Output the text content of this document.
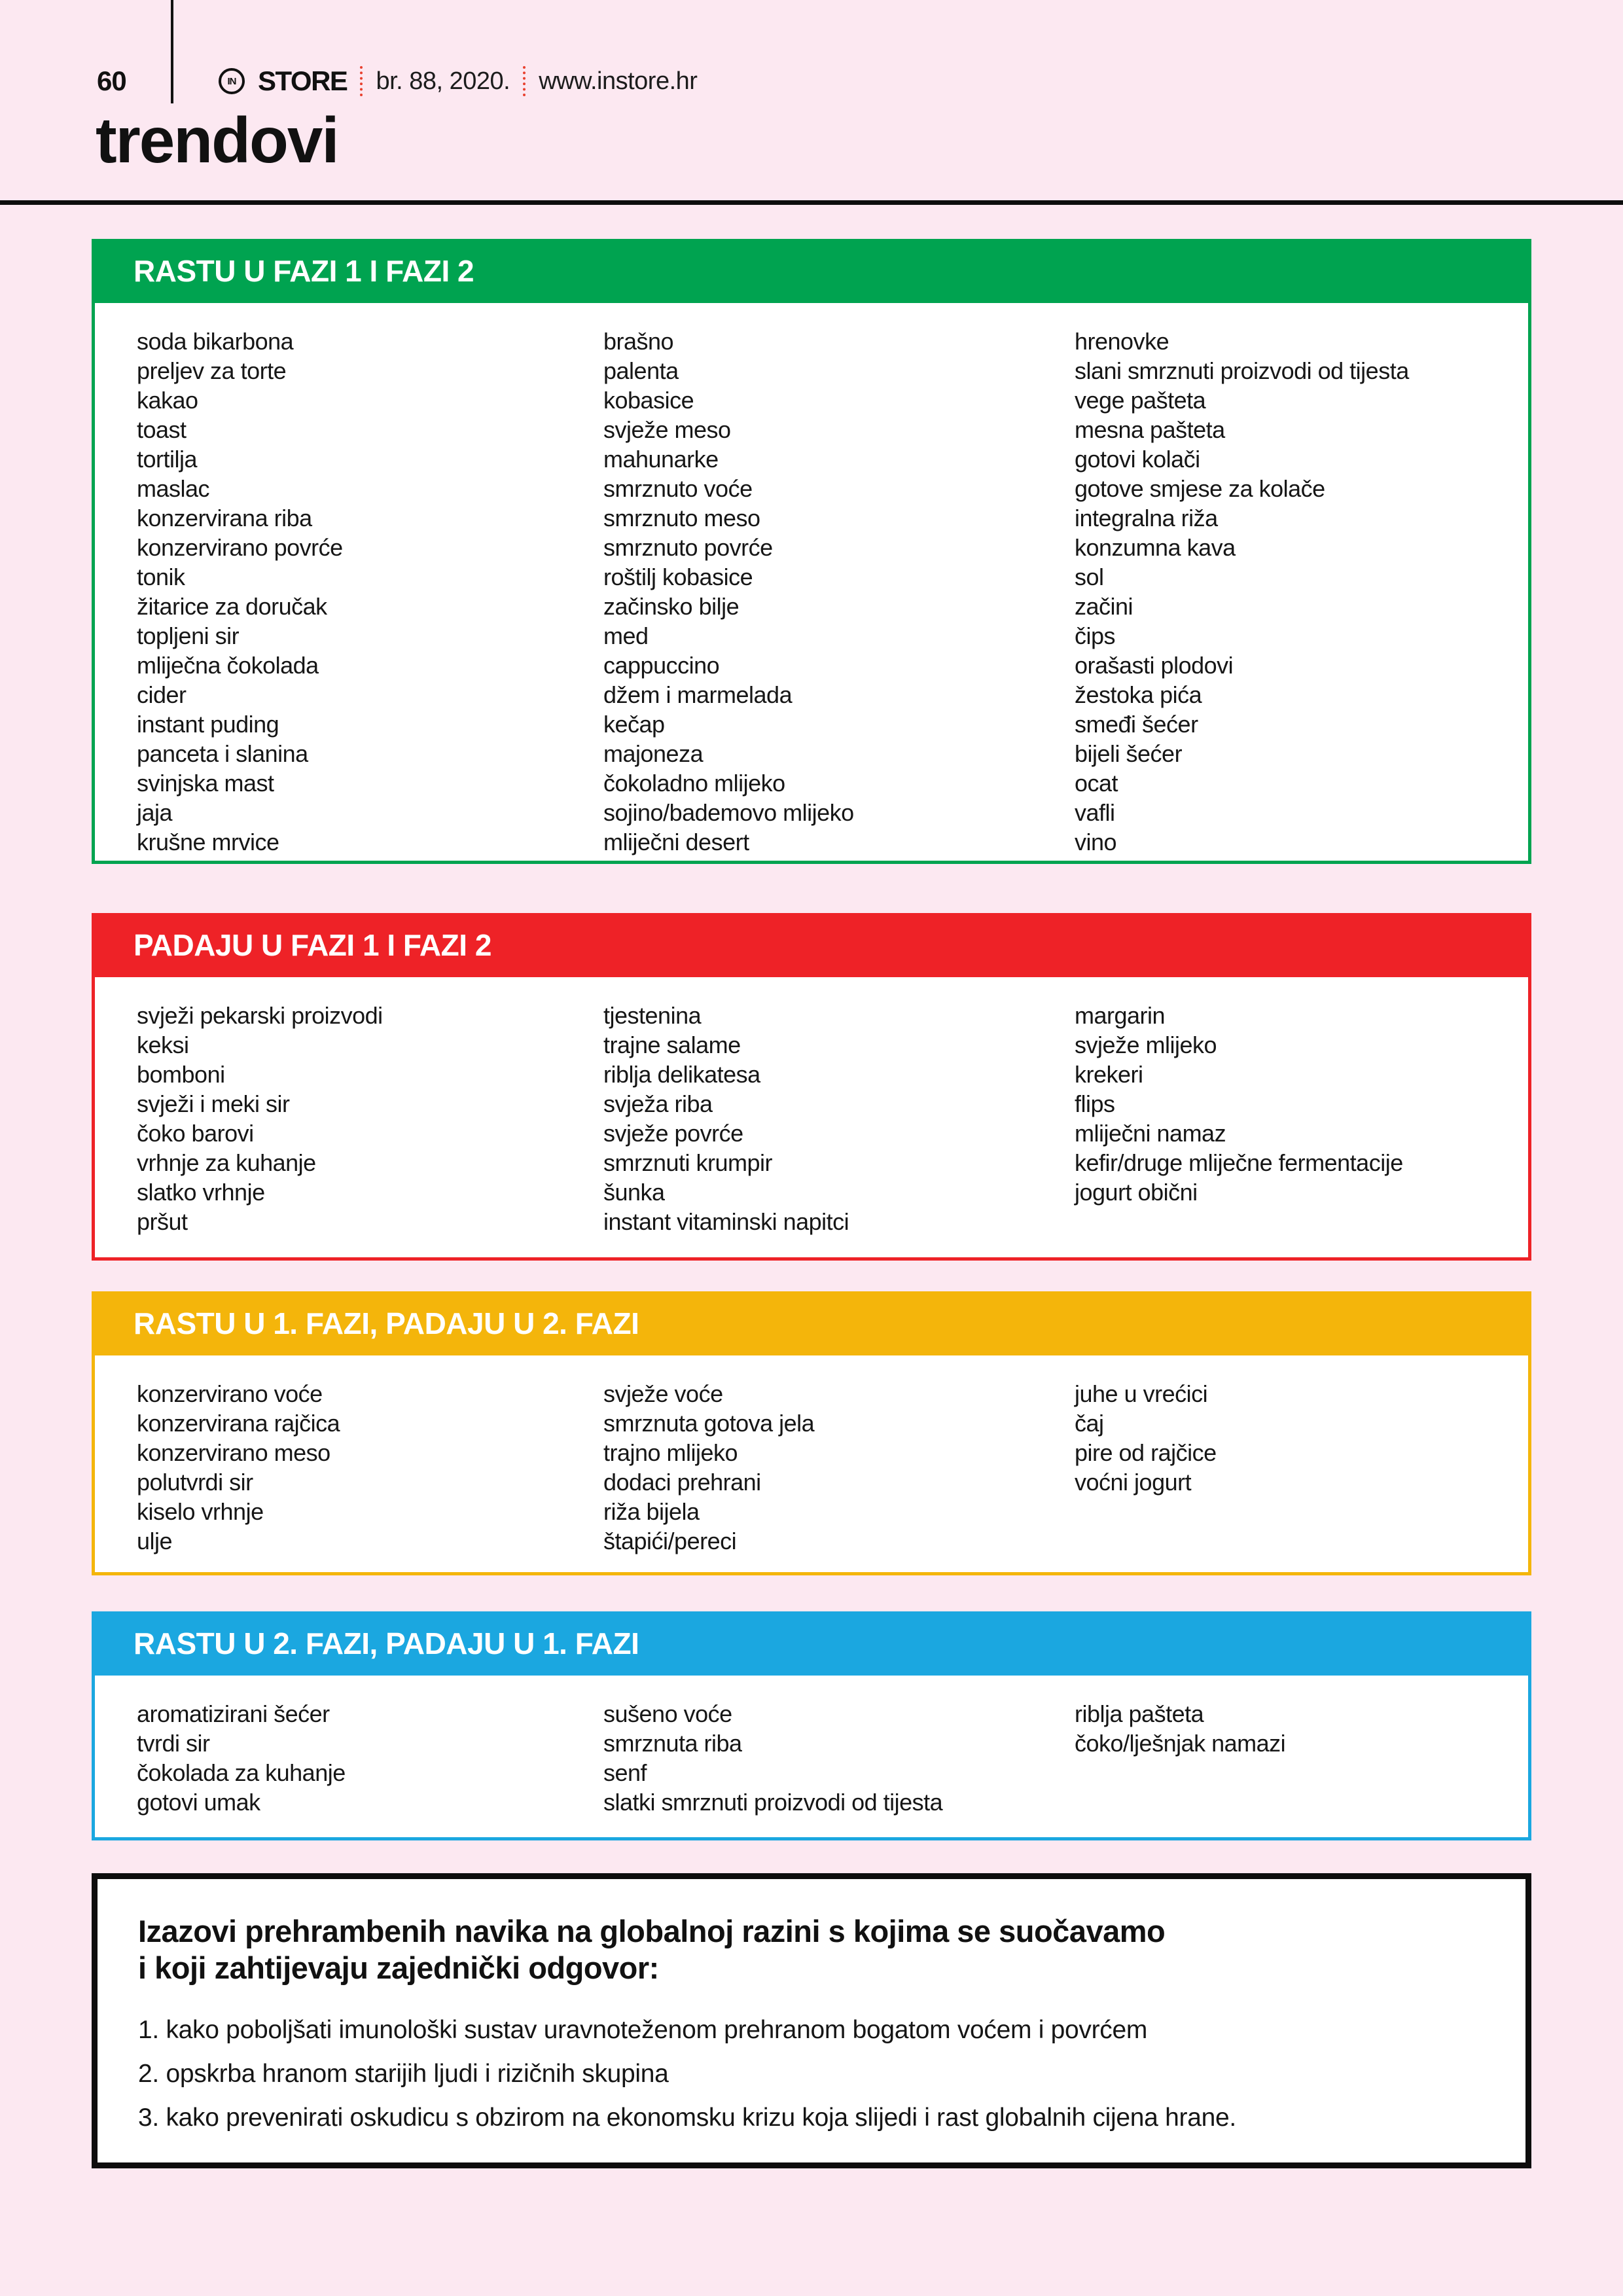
60	IN STORE br. 88, 2020. www.instore.hr
trendovi
RASTU U FAZI 1 I FAZI 2
soda bikarbona
preljev za torte
kakao
toast
tortilja
maslac
konzervirana riba
konzervirano povrće
tonik
žitarice za doručak
topljeni sir
mliječna čokolada
cider
instant puding
panceta i slanina
svinjska mast
jaja
krušne mrvice
brašno
palenta
kobasice
svježe meso
mahunarke
smrznuto voće
smrznuto meso
smrznuto povrće
roštilj kobasice
začinsko bilje
med
cappuccino
džem i marmelada
kečap
majoneza
čokoladno mlijeko
sojino/bademovo mlijeko
mliječni desert
hrenovke
slani smrznuti proizvodi od tijesta
vege pašteta
mesna pašteta
gotovi kolači
gotove smjese za kolače
integralna riža
konzumna kava
sol
začini
čips
orašasti plodovi
žestoka pića
smeđi šećer
bijeli šećer
ocat
vafli
vino
PADAJU U FAZI 1 I FAZI 2
svježi pekarski proizvodi
keksi
bomboni
svježi i meki sir
čoko barovi
vrhnje za kuhanje
slatko vrhnje
pršut
tjestenina
trajne salame
riblja delikatesa
svježa riba
svježe povrće
smrznuti krumpir
šunka
instant vitaminski napitci
margarin
svježe mlijeko
krekeri
flips
mliječni namaz
kefir/druge mliječne fermentacije
jogurt obični
RASTU U 1. FAZI, PADAJU U 2. FAZI
konzervirano voće
konzervirana rajčica
konzervirano meso
polutvrdi sir
kiselo vrhnje
ulje
svježe voće
smrznuta gotova jela
trajno mlijeko
dodaci prehrani
riža bijela
štapići/pereci
juhe u vrećici
čaj
pire od rajčice
voćni jogurt
RASTU U 2. FAZI, PADAJU U 1. FAZI
aromatizirani šećer
tvrdi sir
čokolada za kuhanje
gotovi umak
sušeno voće
smrznuta riba
senf
slatki smrznuti proizvodi od tijesta
riblja pašteta
čoko/lješnjak namazi
Izazovi prehrambenih navika na globalnoj razini s kojima se suočavamo
i koji zahtijevaju zajednički odgovor:
1. kako poboljšati imunološki sustav uravnoteženom prehranom bogatom voćem i povrćem
2. opskrba hranom starijih ljudi i rizičnih skupina
3. kako prevenirati oskudicu s obzirom na ekonomsku krizu koja slijedi i rast globalnih cijena hrane.
